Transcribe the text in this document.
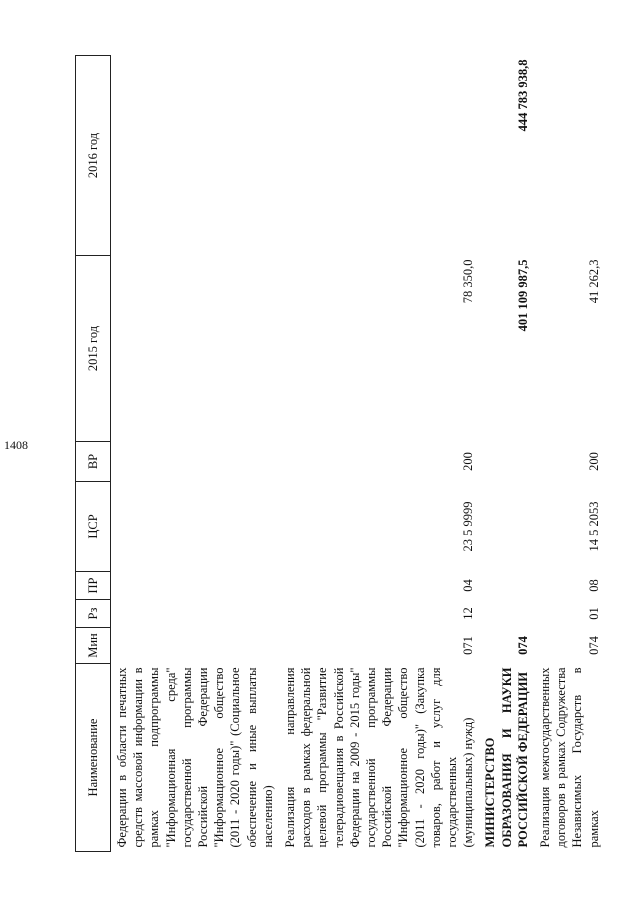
1408
Наименование	Мин	Рз	ПР	ЦСР	ВР	2015 год	2016 год
Федерации в области печатных средств массовой информации в рамках подпрограммы "Информационная среда" государственной программы Российской Федерации "Информационное общество (2011 - 2020 годы)" (Социальное обеспечение и иные выплаты населению)							
Реализация направления расходов в рамках федеральной целевой программы "Развитие телерадиовещания в Российской Федерации на 2009 - 2015 годы" государственной программы Российской Федерации "Информационное общество (2011 - 2020 годы)" (Закупка товаров, работ и услуг для государственных (муниципальных) нужд)	071	12	04	23 5 9999	200	78 350,0	
МИНИСТЕРСТВО ОБРАЗОВАНИЯ И НАУКИ РОССИЙСКОЙ ФЕДЕРАЦИИ	074					401 109 987,5	444 783 938,8
Реализация межгосударственных договоров в рамках Содружества Независимых Государств в рамках	074	01	08	14 5 2053	200	41 262,3	
